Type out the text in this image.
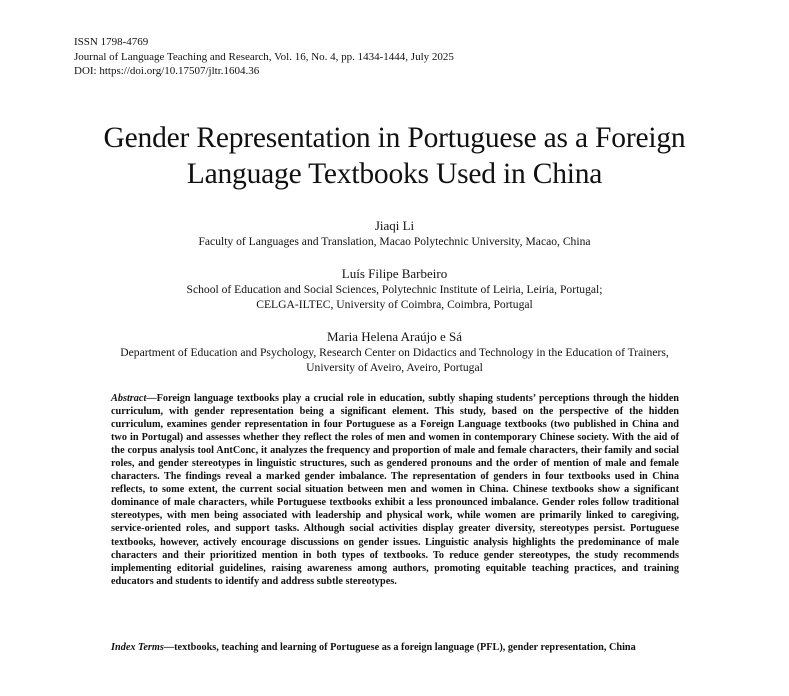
ISSN 1798-4769
Journal of Language Teaching and Research, Vol. 16, No. 4, pp. 1434-1444, July 2025
DOI: https://doi.org/10.17507/jltr.1604.36
Gender Representation in Portuguese as a Foreign
Language Textbooks Used in China
Jiaqi Li
Faculty of Languages and Translation, Macao Polytechnic University, Macao, China
Luís Filipe Barbeiro
School of Education and Social Sciences, Polytechnic Institute of Leiria, Leiria, Portugal;
CELGA-ILTEC, University of Coimbra, Coimbra, Portugal
Maria Helena Araújo e Sá
Department of Education and Psychology, Research Center on Didactics and Technology in the Education of Trainers,
University of Aveiro, Aveiro, Portugal
Abstract—Foreign language textbooks play a crucial role in education, subtly shaping students’ perceptions through the hidden curriculum, with gender representation being a significant element. This study, based on the perspective of the hidden curriculum, examines gender representation in four Portuguese as a Foreign Language textbooks (two published in China and two in Portugal) and assesses whether they reflect the roles of men and women in contemporary Chinese society. With the aid of the corpus analysis tool AntConc, it analyzes the frequency and proportion of male and female characters, their family and social roles, and gender stereotypes in linguistic structures, such as gendered pronouns and the order of mention of male and female characters. The findings reveal a marked gender imbalance. The representation of genders in four textbooks used in China reflects, to some extent, the current social situation between men and women in China. Chinese textbooks show a significant dominance of male characters, while Portuguese textbooks exhibit a less pronounced imbalance. Gender roles follow traditional stereotypes, with men being associated with leadership and physical work, while women are primarily linked to caregiving, service-oriented roles, and support tasks. Although social activities display greater diversity, stereotypes persist. Portuguese textbooks, however, actively encourage discussions on gender issues. Linguistic analysis highlights the predominance of male characters and their prioritized mention in both types of textbooks. To reduce gender stereotypes, the study recommends implementing editorial guidelines, raising awareness among authors, promoting equitable teaching practices, and training educators and students to identify and address subtle stereotypes.
Index Terms—textbooks, teaching and learning of Portuguese as a foreign language (PFL), gender representation, China
